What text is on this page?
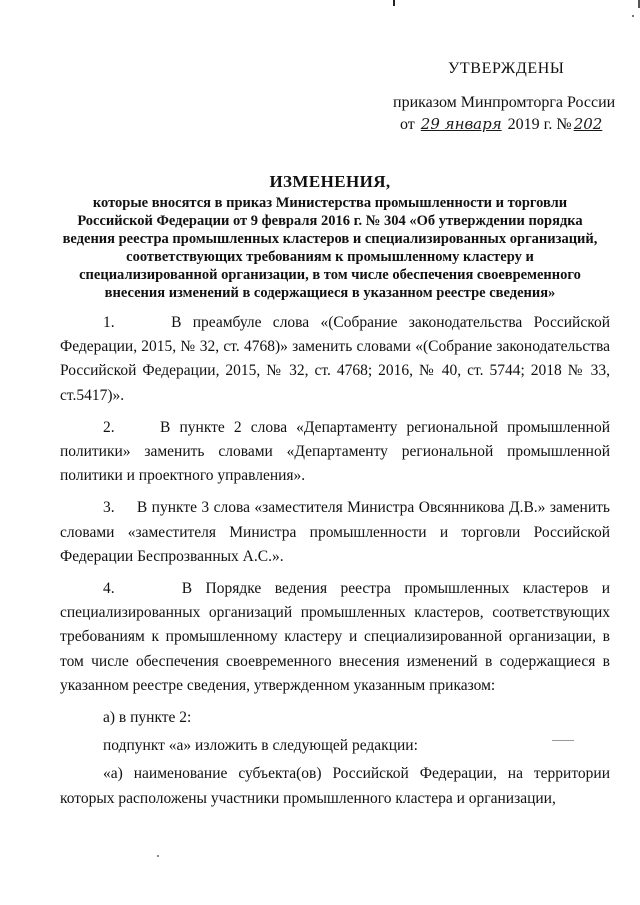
УТВЕРЖДЕНЫ
приказом Минпромторга России
от 29 января 2019 г. № 202
ИЗМЕНЕНИЯ,
которые вносятся в приказ Министерства промышленности и торговли Российской Федерации от 9 февраля 2016 г. № 304 «Об утверждении порядка ведения реестра промышленных кластеров и специализированных организаций, соответствующих требованиям к промышленному кластеру и специализированной организации, в том числе обеспечения своевременного внесения изменений в содержащиеся в указанном реестре сведения»

1.     В преамбуле слова «(Собрание законодательства Российской Федерации, 2015, № 32, ст. 4768)» заменить словами «(Собрание законодательства Российской Федерации, 2015, № 32, ст. 4768; 2016, № 40, ст. 5744; 2018 № 33, ст.5417)».

2.     В пункте 2 слова «Департаменту региональной промышленной политики» заменить словами «Департаменту региональной промышленной политики и проектного управления».

3.     В пункте 3 слова «заместителя Министра Овсянникова Д.В.» заменить словами «заместителя Министра промышленности и торговли Российской Федерации Беспрозванных А.С.».

4.     В Порядке ведения реестра промышленных кластеров и специализированных организаций промышленных кластеров, соответствующих требованиям к промышленному кластеру и специализированной организации, в том числе обеспечения своевременного внесения изменений в содержащиеся в указанном реестре сведения, утвержденном указанным приказом:

а) в пункте 2:

подпункт «а» изложить в следующей редакции:

«а) наименование субъекта(ов) Российской Федерации, на территории которых расположены участники промышленного кластера и организации,
